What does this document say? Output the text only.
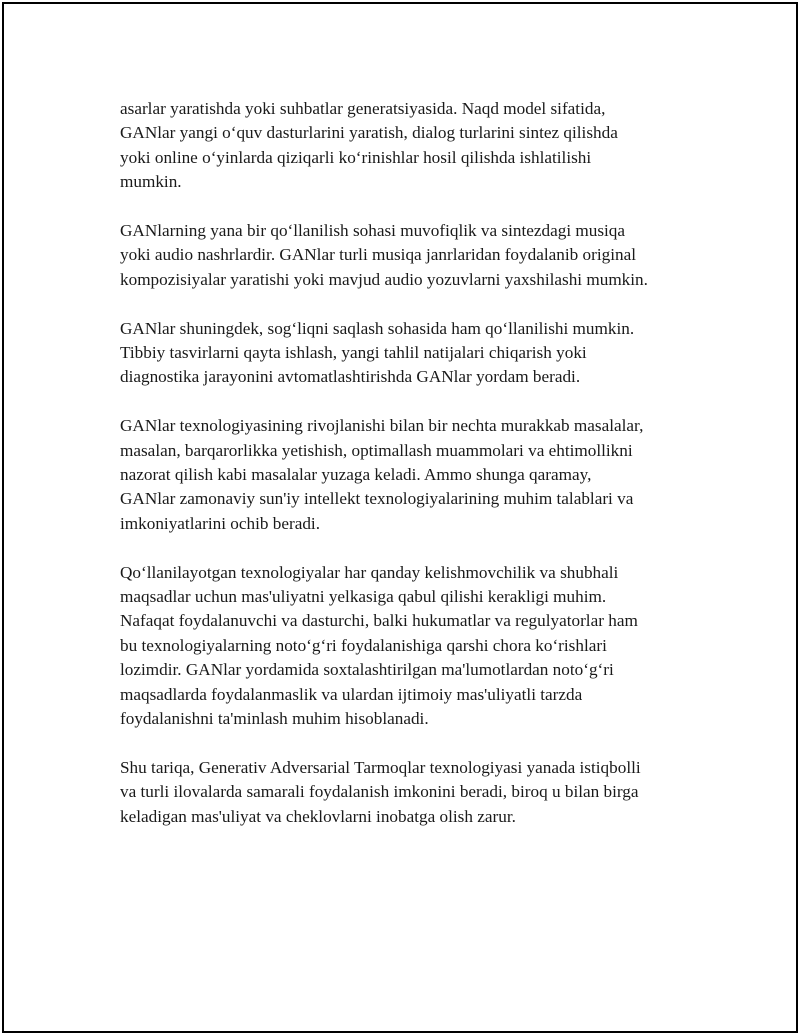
asarlar yaratishda yoki suhbatlar generatsiyasida. Naqd model sifatida,
GANlar yangi o‘quv dasturlarini yaratish, dialog turlarini sintez qilishda
yoki online o‘yinlarda qiziqarli ko‘rinishlar hosil qilishda ishlatilishi
mumkin.

GANlarning yana bir qo‘llanilish sohasi muvofiqlik va sintezdagi musiqa
yoki audio nashrlardir. GANlar turli musiqa janrlaridan foydalanib original
kompozisiyalar yaratishi yoki mavjud audio yozuvlarni yaxshilashi mumkin.

GANlar shuningdek, sog‘liqni saqlash sohasida ham qo‘llanilishi mumkin.
Tibbiy tasvirlarni qayta ishlash, yangi tahlil natijalari chiqarish yoki
diagnostika jarayonini avtomatlashtirishda GANlar yordam beradi.

GANlar texnologiyasining rivojlanishi bilan bir nechta murakkab masalalar,
masalan, barqarorlikka yetishish, optimallash muammolari va ehtimollikni
nazorat qilish kabi masalalar yuzaga keladi. Ammo shunga qaramay,
GANlar zamonaviy sun'iy intellekt texnologiyalarining muhim talablari va
imkoniyatlarini ochib beradi.

Qo‘llanilayotgan texnologiyalar har qanday kelishmovchilik va shubhali
maqsadlar uchun mas'uliyatni yelkasiga qabul qilishi kerakligi muhim.
Nafaqat foydalanuvchi va dasturchi, balki hukumatlar va regulyatorlar ham
bu texnologiyalarning noto‘g‘ri foydalanishiga qarshi chora ko‘rishlari
lozimdir. GANlar yordamida soxtalashtirilgan ma'lumotlardan noto‘g‘ri
maqsadlarda foydalanmaslik va ulardan ijtimoiy mas'uliyatli tarzda
foydalanishni ta'minlash muhim hisoblanadi.

Shu tariqa, Generativ Adversarial Tarmoqlar texnologiyasi yanada istiqbolli
va turli ilovalarda samarali foydalanish imkonini beradi, biroq u bilan birga
keladigan mas'uliyat va cheklovlarni inobatga olish zarur.
